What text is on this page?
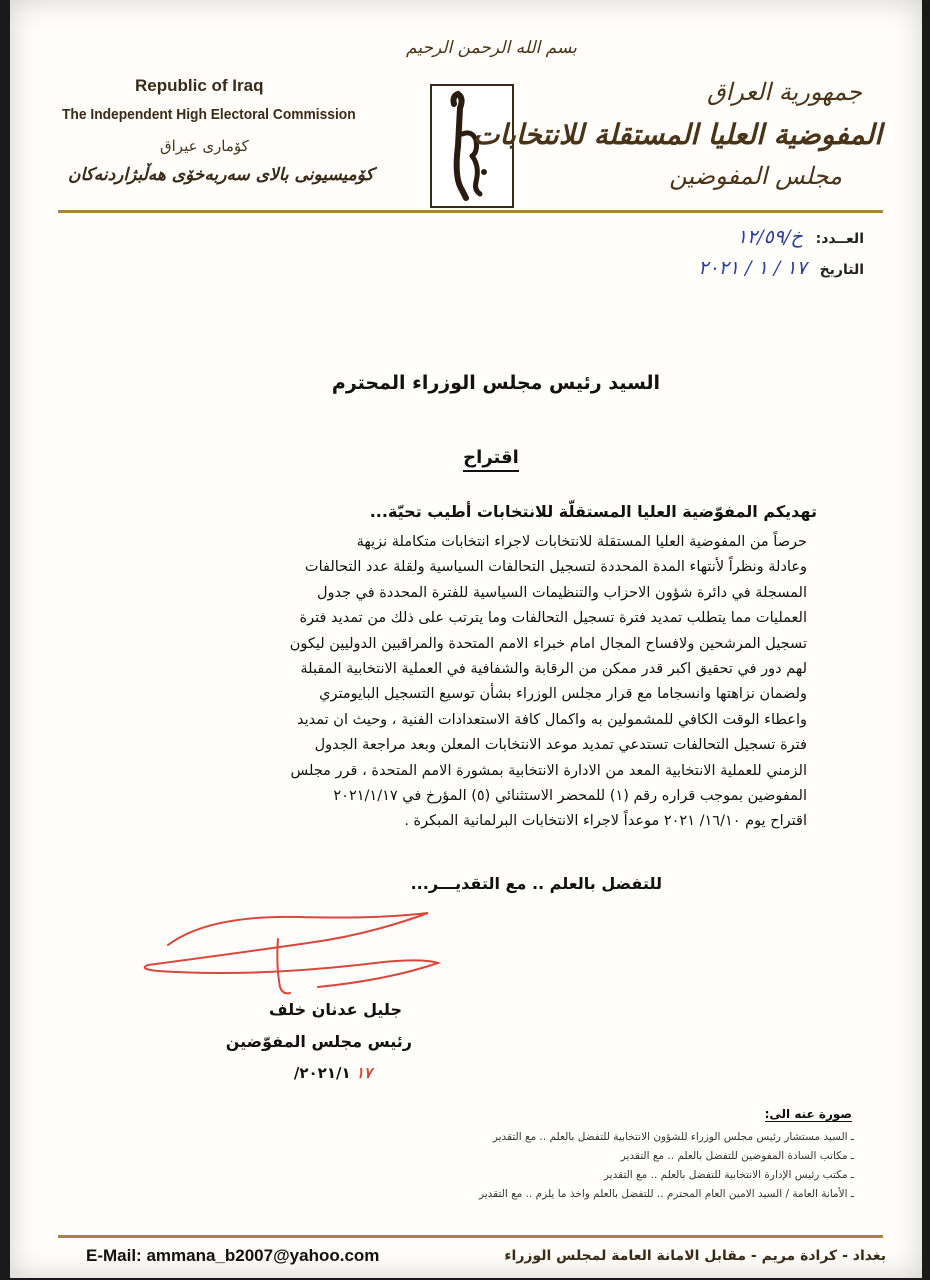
Republic of Iraq
The Independent High Electoral Commission
كۆماری عیراق
كۆمیسیونی بالای سەربەخۆی هەڵبژاردنەكان
بسم الله الرحمن الرحيم
جمهورية العراق
المفوضية العليا المستقلة للانتخابات
مجلس المفوضين
العــدد: خ/١٢/٥٩
التاريخ ١٧ / ١ / ٢٠٢١
السيد رئيس مجلس الوزراء المحترم
اقتراح
تهديكم المفوّضية العليا المستقلّة للانتخابات أطيب تحيّة...
حرصاً من المفوضية العليا المستقلة للانتخابات لاجراء انتخابات متكاملة نزيهة
وعادلة ونظراً لأنتهاء المدة المحددة لتسجيل التحالفات السياسية ولقلة عدد التحالفات
المسجلة في دائرة شؤون الاحزاب والتنظيمات السياسية للفترة المحددة في جدول
العمليات مما يتطلب تمديد فترة تسجيل التحالفات وما يترتب على ذلك من تمديد فترة
تسجيل المرشحين ولافساح المجال امام خبراء الامم المتحدة والمراقبين الدوليين ليكون
لهم دور في تحقيق اكبر قدر ممكن من الرقابة والشفافية في العملية الانتخابية المقبلة
ولضمان نزاهتها وانسجاما مع قرار مجلس الوزراء بشأن توسيع التسجيل البايومتري
واعطاء الوقت الكافي للمشمولين به واكمال كافة الاستعدادات الفنية ، وحيث ان تمديد
فترة تسجيل التحالفات تستدعي تمديد موعد الانتخابات المعلن وبعد مراجعة الجدول
الزمني للعملية الانتخابية المعد من الادارة الانتخابية بمشورة الامم المتحدة ، قرر مجلس
المفوضين بموجب قراره رقم (١) للمحضر الاستثنائي (٥) المؤرخ في ٢٠٢١/١/١٧
اقتراح يوم ١٦/١٠/ ٢٠٢١ موعداً لاجراء الانتخابات البرلمانية المبكرة .
للتفضل بالعلم .. مع التقديـــر...
جليل عدنان خلف
رئيس مجلس المفوّضين
١٧ ٢٠٢١/١/
صورة عنه الى:
ـ السيد مستشار رئيس مجلس الوزراء للشؤون الانتخابية للتفضل بالعلم .. مع التقدير
ـ مكاتب السادة المفوضين للتفضل بالعلم .. مع التقدير
ـ مكتب رئيس الإدارة الانتخابية للتفضل بالعلم .. مع التقدير
ـ الأمانة العامة / السيد الامين العام المحترم .. للتفضل بالعلم واخذ ما يلزم .. مع التقدير
E-Mail: ammana_b2007@yahoo.com	بغداد - كرادة مريم - مقابل الامانة العامة لمجلس الوزراء
